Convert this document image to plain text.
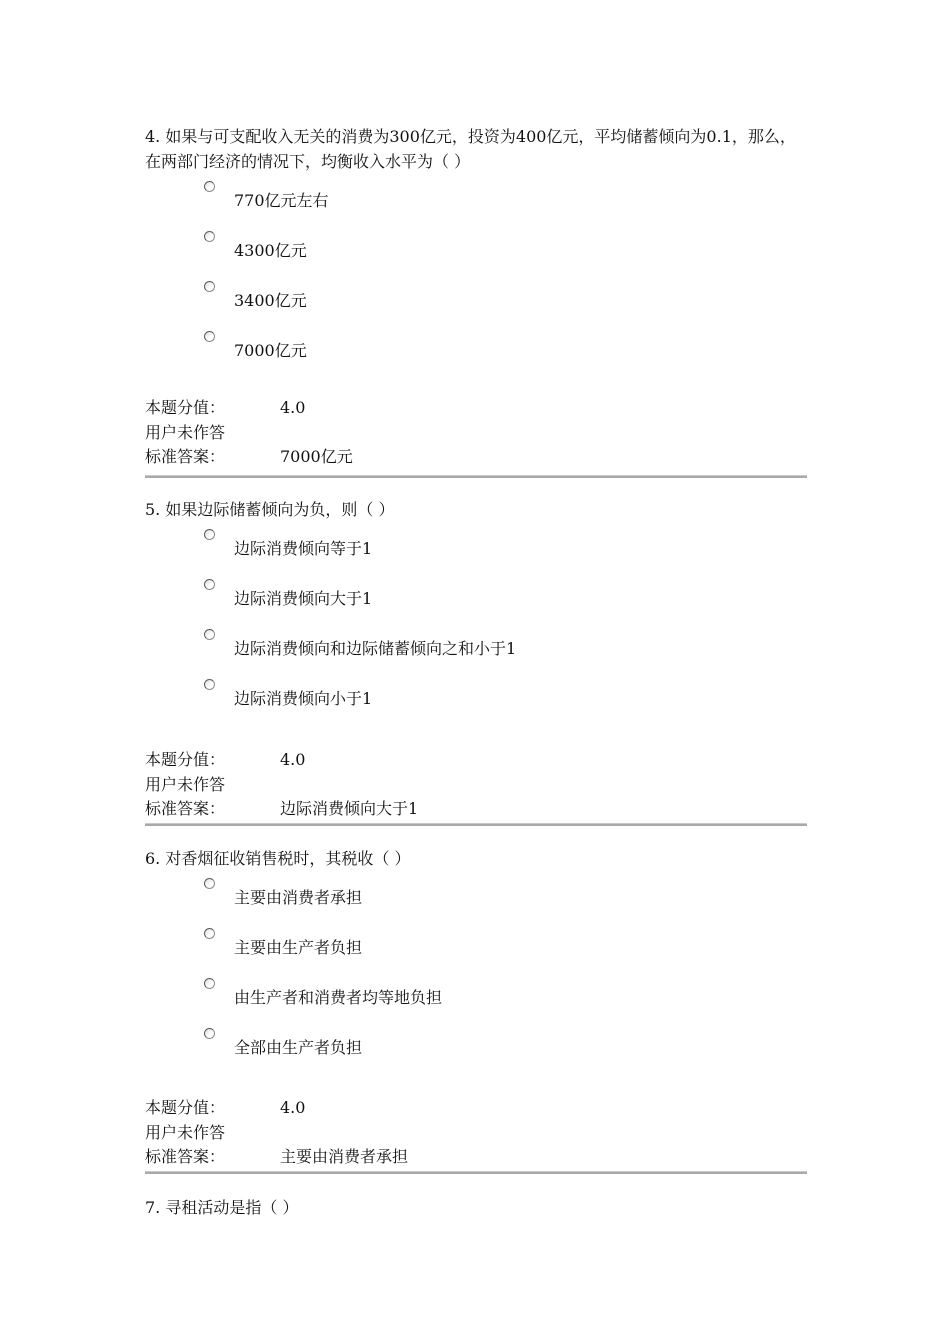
4. 如果与可支配收入无关的消费为300亿元，投资为400亿元，平均储蓄倾向为0.1，那么，在两部门经济的情况下，均衡收入水平为（ ）

770亿元左右
4300亿元
3400亿元
7000亿元
本题分值：	4.0
用户未作答
标准答案：	7000亿元

5. 如果边际储蓄倾向为负，则（ ）

边际消费倾向等于1
边际消费倾向大于1
边际消费倾向和边际储蓄倾向之和小于1
边际消费倾向小于1
本题分值：	4.0
用户未作答
标准答案：	边际消费倾向大于1

6. 对香烟征收销售税时，其税收（ ）

主要由消费者承担
主要由生产者负担
由生产者和消费者均等地负担
全部由生产者负担
本题分值：	4.0
用户未作答
标准答案：	主要由消费者承担

7. 寻租活动是指（ ）
